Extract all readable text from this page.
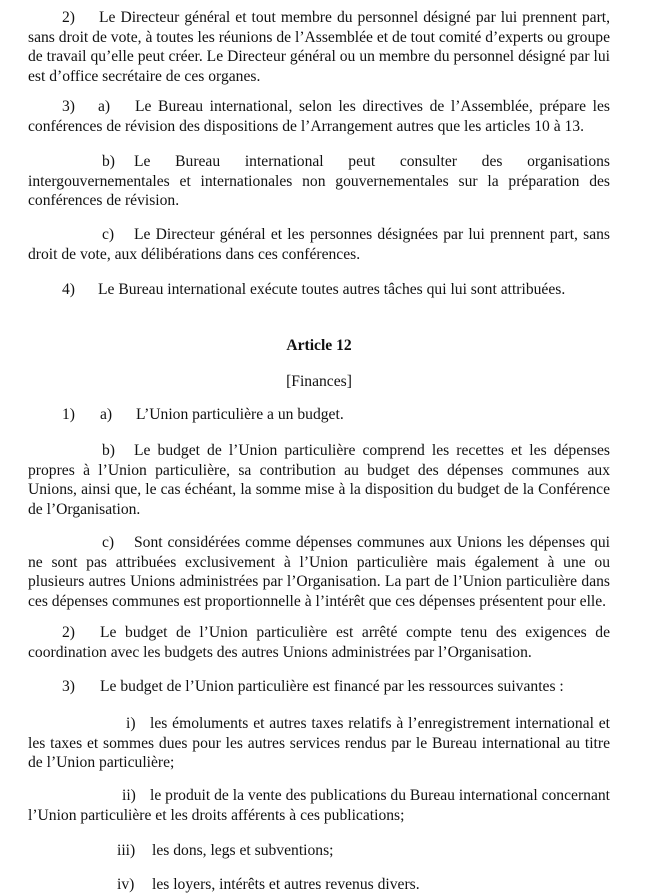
2) Le Directeur général et tout membre du personnel désigné par lui prennent part, sans droit de vote, à toutes les réunions de l’Assemblée et de tout comité d’experts ou groupe de travail qu’elle peut créer. Le Directeur général ou un membre du personnel désigné par lui est d’office secrétaire de ces organes.

3) a) Le Bureau international, selon les directives de l’Assemblée, prépare les conférences de révision des dispositions de l’Arrangement autres que les articles 10 à 13.

b) Le Bureau international peut consulter des organisations intergouvernementales et internationales non gouvernementales sur la préparation des conférences de révision.

c) Le Directeur général et les personnes désignées par lui prennent part, sans droit de vote, aux délibérations dans ces conférences.

4) Le Bureau international exécute toutes autres tâches qui lui sont attribuées.

Article 12
[Finances]

1) a) L’Union particulière a un budget.

b) Le budget de l’Union particulière comprend les recettes et les dépenses propres à l’Union particulière, sa contribution au budget des dépenses communes aux Unions, ainsi que, le cas échéant, la somme mise à la disposition du budget de la Conférence de l’Organisation.

c) Sont considérées comme dépenses communes aux Unions les dépenses qui ne sont pas attribuées exclusivement à l’Union particulière mais également à une ou plusieurs autres Unions administrées par l’Organisation. La part de l’Union particulière dans ces dépenses communes est proportionnelle à l’intérêt que ces dépenses présentent pour elle.

2) Le budget de l’Union particulière est arrêté compte tenu des exigences de coordination avec les budgets des autres Unions administrées par l’Organisation.

3) Le budget de l’Union particulière est financé par les ressources suivantes :

i) les émoluments et autres taxes relatifs à l’enregistrement international et les taxes et sommes dues pour les autres services rendus par le Bureau international au titre de l’Union particulière;

ii) le produit de la vente des publications du Bureau international concernant l’Union particulière et les droits afférents à ces publications;

iii) les dons, legs et subventions;

iv) les loyers, intérêts et autres revenus divers.
